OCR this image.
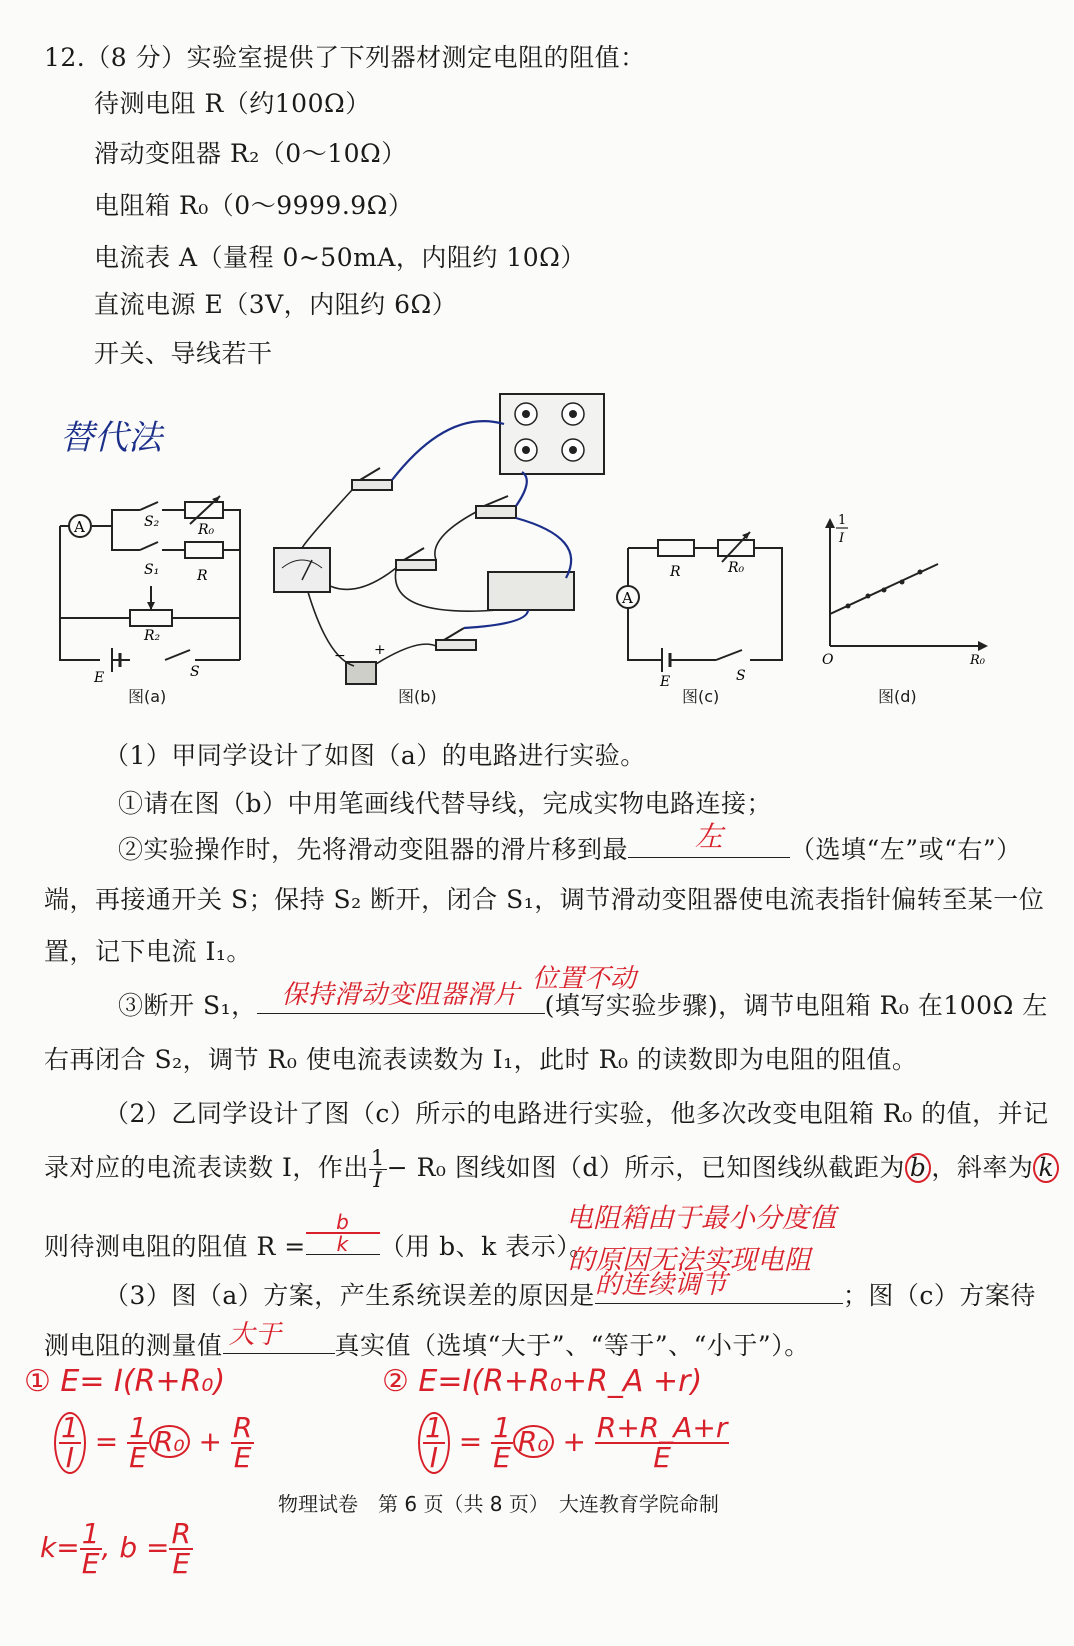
12.（8 分）实验室提供了下列器材测定电阻的阻值：
待测电阻 R（约100Ω）
滑动变阻器 R₂（0～10Ω）
电阻箱 R₀（0～9999.9Ω）
电流表 A（量程 0~50mA，内阻约 10Ω）
直流电源 E（3V，内阻约 6Ω）
开关、导线若干
替代法
A	S₂	R₀
S₁	R
R₂
E	S
图(a)
− +
图(b)
A
R	R₀
E	S
图(c)
1
I
O	R₀
图(d)
（1）甲同学设计了如图（a）的电路进行实验。
①请在图（b）中用笔画线代替导线，完成实物电路连接；
②实验操作时，先将滑动变阻器的滑片移到最	左	（选填“左”或“右”）
端，再接通开关 S；保持 S₂ 断开，闭合 S₁，调节滑动变阻器使电流表指针偏转至某一位
置，记下电流 I₁。
位置不动
③断开 S₁， 保持滑动变阻器滑片 (填写实验步骤)，调节电阻箱 R₀ 在100Ω 左
右再闭合 S₂，调节 R₀ 使电流表读数为 I₁，此时 R₀ 的读数即为电阻的阻值。
（2）乙同学设计了图（c）所示的电路进行实验，他多次改变电阻箱 R₀ 的值，并记
录对应的电流表读数 I，作出 $\frac{1}{I} - R_0$ 图线如图（d）所示，已知图线纵截距为 b ，斜率为 k
则待测电阻的阻值 R =
b
k	（用 b、k 表示）。
电阻箱由于最小分度值
的原因无法实现电阻
（3）图（a）方案，产生系统误差的原因是 的连续调节	；图（c）方案待
测电阻的测量值 大于	真实值（选填“大于”、“等于”、“小于”）。
① E= I(R+R₀)
$\frac{1}{I} = \frac{1}{E} R_0 + \frac{R}{E}$
$k= \frac{1}{E}$ , $b = \frac{R}{E}$
② E=I(R+R₀+R_A +r)
$\frac{1}{I} = \frac{1}{E} R_0 + \frac{R+R\_A+r}{E}$
物理试卷　第 6 页（共 8 页）　大连教育学院命制
